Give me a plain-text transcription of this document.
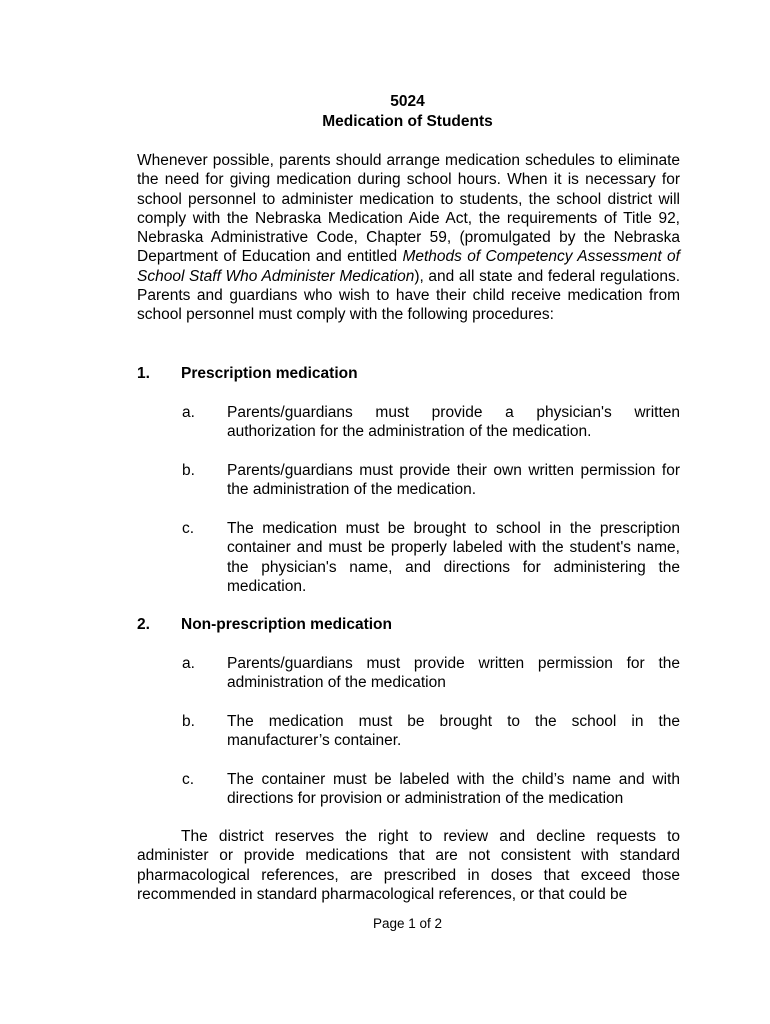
5024
Medication of Students

Whenever possible, parents should arrange medication schedules to eliminate the need for giving medication during school hours. When it is necessary for school personnel to administer medication to students, the school district will comply with the Nebraska Medication Aide Act, the requirements of Title 92, Nebraska Administrative Code, Chapter 59, (promulgated by the Nebraska Department of Education and entitled Methods of Competency Assessment of School Staff Who Administer Medication), and all state and federal regulations. Parents and guardians who wish to have their child receive medication from school personnel must comply with the following procedures:

1. Prescription medication
a. Parents/guardians must provide a physician's written authorization for the administration of the medication.
b. Parents/guardians must provide their own written permission for the administration of the medication.
c. The medication must be brought to school in the prescription container and must be properly labeled with the student's name, the physician's name, and directions for administering the medication.
2. Non-prescription medication
a. Parents/guardians must provide written permission for the administration of the medication
b. The medication must be brought to the school in the manufacturer’s container.
c. The container must be labeled with the child’s name and with directions for provision or administration of the medication

The district reserves the right to review and decline requests to administer or provide medications that are not consistent with standard pharmacological references, are prescribed in doses that exceed those recommended in standard pharmacological references, or that could be

Page 1 of 2
